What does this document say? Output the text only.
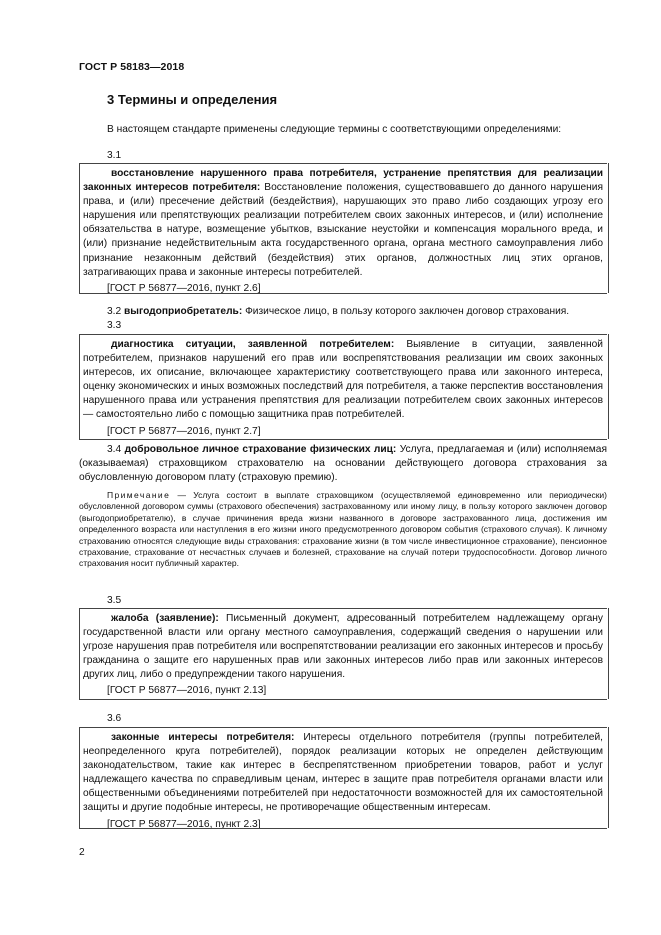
ГОСТ Р 58183—2018
3 Термины и определения
В настоящем стандарте применены следующие термины с соответствующими определениями:
3.1
восстановление нарушенного права потребителя, устранение препятствия для реализации законных интересов потребителя: Восстановление положения, существовавшего до данного нарушения права, и (или) пресечение действий (бездействия), нарушающих это право либо создающих угрозу его нарушения или препятствующих реализации потребителем своих законных интересов, и (или) исполнение обязательства в натуре, возмещение убытков, взыскание неустойки и компенсация морального вреда, и (или) признание недействительным акта государственного органа, органа местного самоуправления либо признание незаконным действий (бездействия) этих органов, должностных лиц этих органов, затрагивающих права и законные интересы потребителей.
[ГОСТ Р 56877—2016, пункт 2.6]
3.2 выгодоприобретатель: Физическое лицо, в пользу которого заключен договор страхования.
3.3
диагностика ситуации, заявленной потребителем: Выявление в ситуации, заявленной потребителем, признаков нарушений его прав или воспрепятствования реализации им своих законных интересов, их описание, включающее характеристику соответствующего права или законного интереса, оценку экономических и иных возможных последствий для потребителя, а также перспектив восстановления нарушенного права или устранения препятствия для реализации потребителем своих законных интересов — самостоятельно либо с помощью защитника прав потребителей.
[ГОСТ Р 56877—2016, пункт 2.7]
3.4 добровольное личное страхование физических лиц: Услуга, предлагаемая и (или) исполняемая (оказываемая) страховщиком страхователю на основании действующего договора страхования за обусловленную договором плату (страховую премию).
Примечание — Услуга состоит в выплате страховщиком (осуществляемой единовременно или периодически) обусловленной договором суммы (страхового обеспечения) застрахованному или иному лицу, в пользу которого заключен договор (выгодоприобретателю), в случае причинения вреда жизни названного в договоре застрахованного лица, достижения им определенного возраста или наступления в его жизни иного предусмотренного договором события (страхового случая). К личному страхованию относятся следующие виды страхования: страхование жизни (в том числе инвестиционное страхование), пенсионное страхование, страхование от несчастных случаев и болезней, страхование на случай потери трудоспособности. Договор личного страхования носит публичный характер.
3.5
жалоба (заявление): Письменный документ, адресованный потребителем надлежащему органу государственной власти или органу местного самоуправления, содержащий сведения о нарушении или угрозе нарушения прав потребителя или воспрепятствовании реализации его законных интересов и просьбу гражданина о защите его нарушенных прав или законных интересов либо прав или законных интересов других лиц, либо о предупреждении такого нарушения.
[ГОСТ Р 56877—2016, пункт 2.13]
3.6
законные интересы потребителя: Интересы отдельного потребителя (группы потребителей, неопределенного круга потребителей), порядок реализации которых не определен действующим законодательством, такие как интерес в беспрепятственном приобретении товаров, работ и услуг надлежащего качества по справедливым ценам, интерес в защите прав потребителя органами власти или общественными объединениями потребителей при недостаточности возможностей для их самостоятельной защиты и другие подобные интересы, не противоречащие общественным интересам.
[ГОСТ Р 56877—2016, пункт 2.3]
2
